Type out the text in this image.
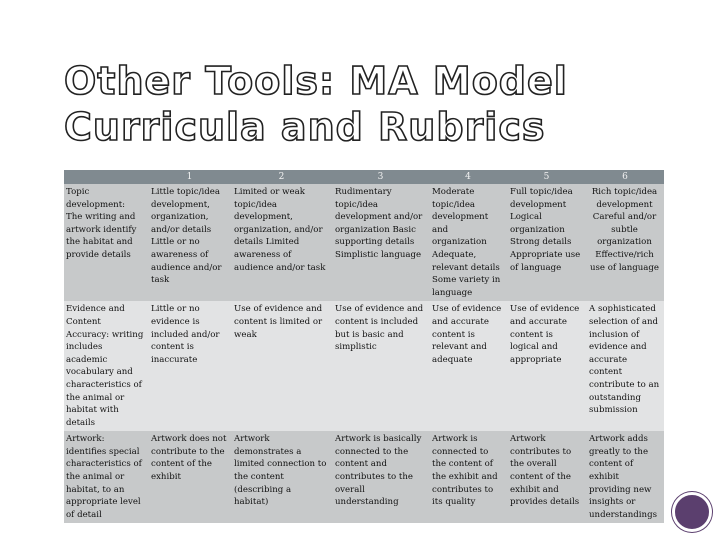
Other Tools: MA Model
Curricula and Rubrics
	1	2	3	4	5	6
Topic development: The writing and artwork identify the habitat and provide details	Little topic/idea development, organization, and/or details Little or no awareness of audience and/or task	Limited or weak topic/idea development, organization, and/or details Limited awareness of audience and/or task	Rudimentary topic/idea development and/or organization Basic supporting details Simplistic language	Moderate topic/idea development and organization Adequate, relevant details Some variety in language	Full topic/idea development Logical organization Strong details Appropriate use of language	Rich topic/idea development Careful and/or subtle organization Effective/rich use of language
Evidence and Content Accuracy: writing includes academic vocabulary and characteristics of the animal or habitat with details	Little or no evidence is included and/or content is inaccurate	Use of evidence and content is limited or weak	Use of evidence and content is included but is basic and simplistic	Use of evidence and accurate content is relevant and adequate	Use of evidence and accurate content is logical and appropriate	A sophisticated selection of and inclusion of evidence and accurate content contribute to an outstanding submission
Artwork: identifies special characteristics of the animal or habitat, to an appropriate level of detail	Artwork does not contribute to the content of the exhibit	Artwork demonstrates a limited connection to the content (describing a habitat)	Artwork is basically connected to the content and contributes to the overall understanding	Artwork is connected to the content of the exhibit and contributes to its quality	Artwork contributes to the overall content of the exhibit and provides details	Artwork adds greatly to the content of exhibit providing new insights or understandings
